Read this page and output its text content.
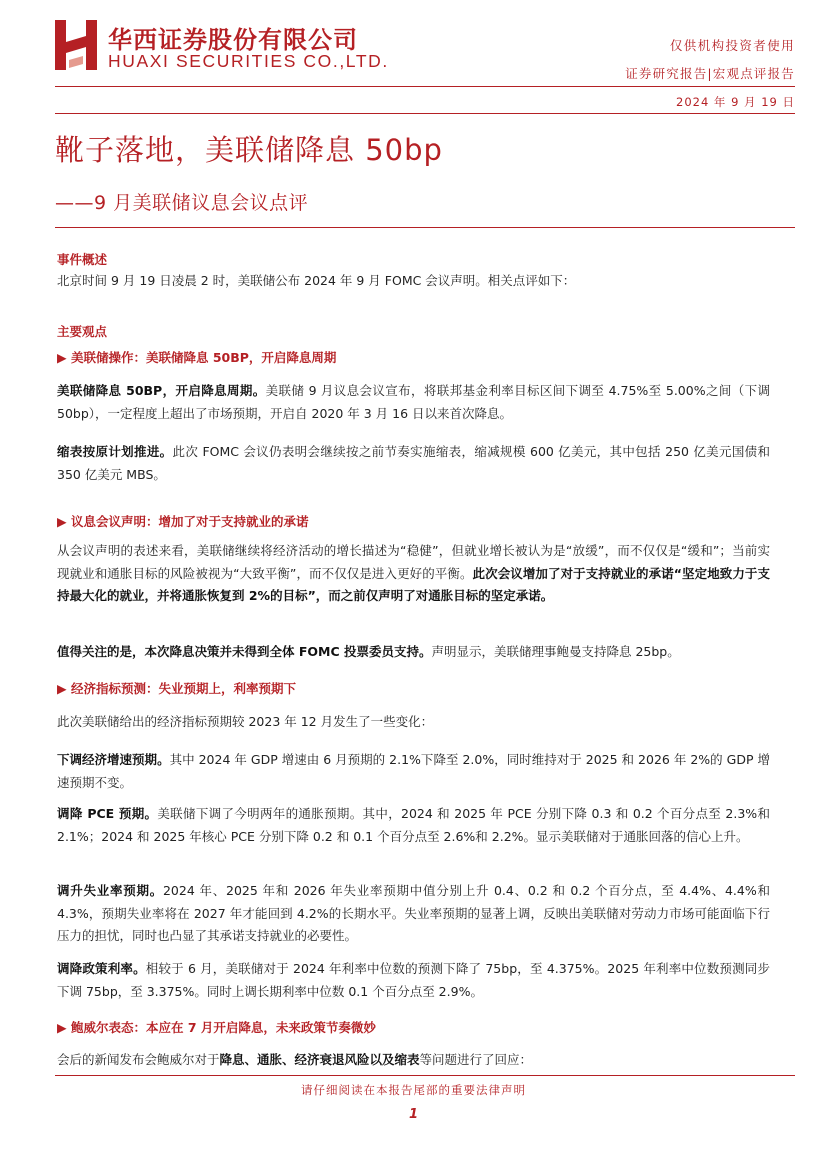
华西证券股份有限公司
HUAXI SECURITIES CO.,LTD.
仅供机构投资者使用
证券研究报告|宏观点评报告
2024 年 9 月 19 日
靴子落地，美联储降息 50bp
——9 月美联储议息会议点评
事件概述
北京时间 9 月 19 日凌晨 2 时，美联储公布 2024 年 9 月 FOMC 会议声明。相关点评如下：
主要观点
▶ 美联储操作：美联储降息 50BP，开启降息周期
美联储降息 50BP，开启降息周期。美联储 9 月议息会议宣布，将联邦基金利率目标区间下调至 4.75%至 5.00%之间（下调 50bp），一定程度上超出了市场预期，开启自 2020 年 3 月 16 日以来首次降息。
缩表按原计划推进。此次 FOMC 会议仍表明会继续按之前节奏实施缩表，缩减规模 600 亿美元，其中包括 250 亿美元国债和 350 亿美元 MBS。
▶ 议息会议声明：增加了对于支持就业的承诺
从会议声明的表述来看，美联储继续将经济活动的增长描述为“稳健”，但就业增长被认为是“放缓”，而不仅仅是“缓和”；当前实现就业和通胀目标的风险被视为“大致平衡”，而不仅仅是进入更好的平衡。此次会议增加了对于支持就业的承诺“坚定地致力于支持最大化的就业，并将通胀恢复到 2%的目标”，而之前仅声明了对通胀目标的坚定承诺。
值得关注的是，本次降息决策并未得到全体 FOMC 投票委员支持。声明显示，美联储理事鲍曼支持降息 25bp。
▶ 经济指标预测：失业预期上，利率预期下
此次美联储给出的经济指标预期较 2023 年 12 月发生了一些变化：
下调经济增速预期。其中 2024 年 GDP 增速由 6 月预期的 2.1%下降至 2.0%，同时维持对于 2025 和 2026 年 2%的 GDP 增速预期不变。
调降 PCE 预期。美联储下调了今明两年的通胀预期。其中，2024 和 2025 年 PCE 分别下降 0.3 和 0.2 个百分点至 2.3%和 2.1%；2024 和 2025 年核心 PCE 分别下降 0.2 和 0.1 个百分点至 2.6%和 2.2%。显示美联储对于通胀回落的信心上升。
调升失业率预期。2024 年、2025 年和 2026 年失业率预期中值分别上升 0.4、0.2 和 0.2 个百分点，至 4.4%、4.4%和 4.3%，预期失业率将在 2027 年才能回到 4.2%的长期水平。失业率预期的显著上调，反映出美联储对劳动力市场可能面临下行压力的担忧，同时也凸显了其承诺支持就业的必要性。
调降政策利率。相较于 6 月，美联储对于 2024 年利率中位数的预测下降了 75bp，至 4.375%。2025 年利率中位数预测同步下调 75bp，至 3.375%。同时上调长期利率中位数 0.1 个百分点至 2.9%。
▶ 鲍威尔表态：本应在 7 月开启降息，未来政策节奏微妙
会后的新闻发布会鲍威尔对于降息、通胀、经济衰退风险以及缩表等问题进行了回应：
请仔细阅读在本报告尾部的重要法律声明
1
